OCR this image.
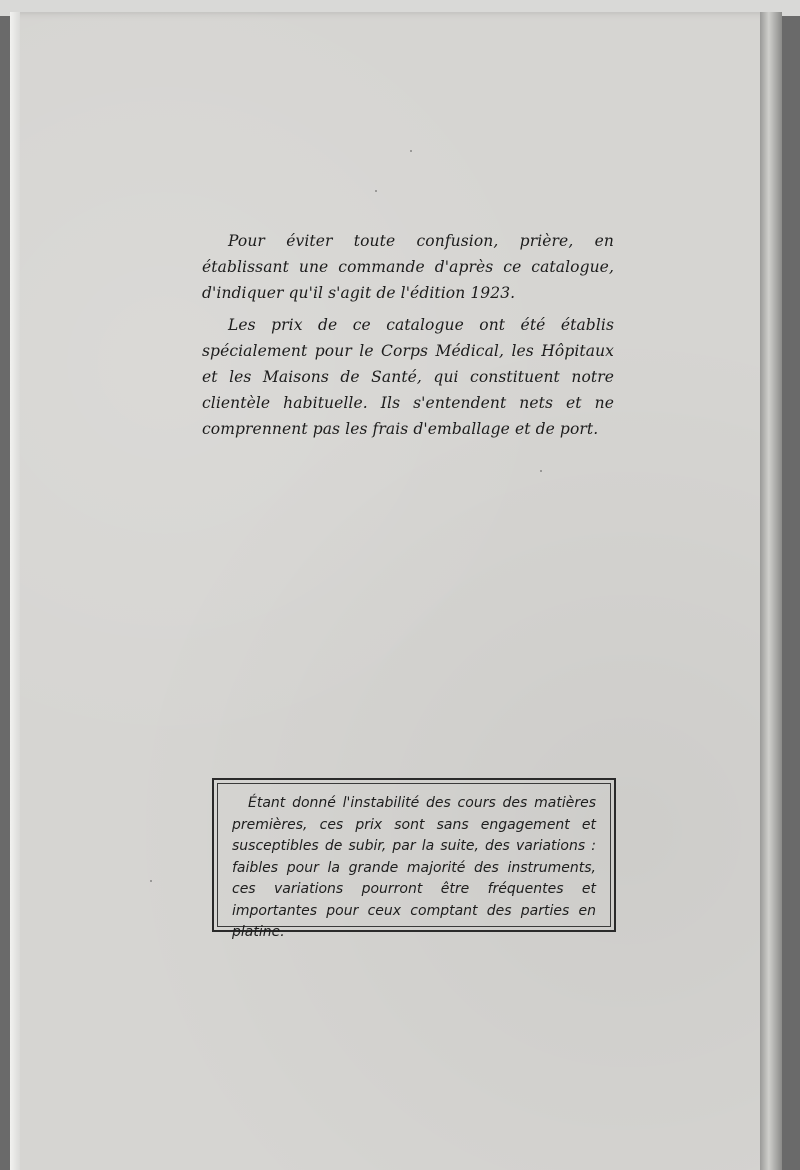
Pour éviter toute confusion, prière, en établissant une commande d'après ce catalogue, d'indiquer qu'il s'agit de l'édition 1923.

Les prix de ce catalogue ont été établis spécialement pour le Corps Médical, les Hôpitaux et les Maisons de Santé, qui constituent notre clientèle habituelle. Ils s'entendent nets et ne comprennent pas les frais d'emballage et de port.

Étant donné l'instabilité des cours des matières premières, ces prix sont sans engagement et susceptibles de subir, par la suite, des variations : faibles pour la grande majorité des instruments, ces variations pourront être fréquentes et importantes pour ceux comptant des parties en platine.
